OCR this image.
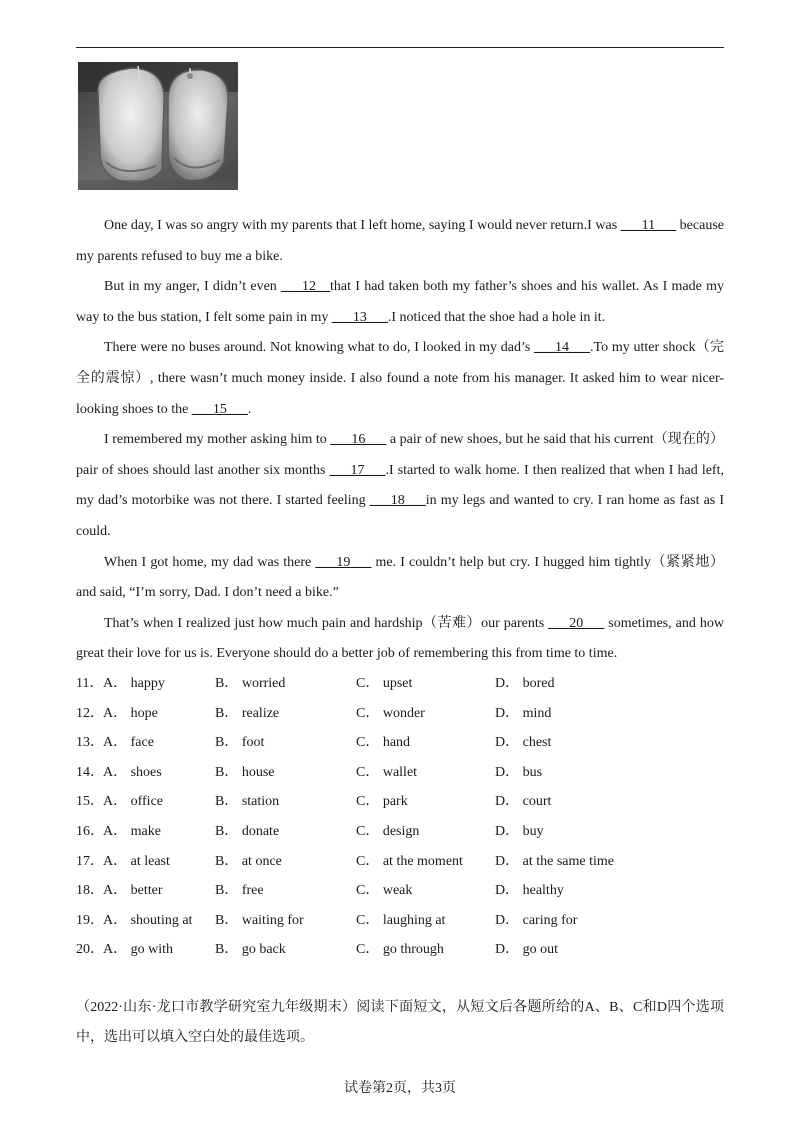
One day, I was so angry with my parents that I left home, saying I would never return.I was ___11___ because my parents refused to buy me a bike.

But in my anger, I didn’t even ___12__that I had taken both my father’s shoes and his wallet. As I made my way to the bus station, I felt some pain in my ___13___.I noticed that the shoe had a hole in it.

There were no buses around. Not knowing what to do, I looked in my dad’s ___14___.To my utter shock（完全的震惊）, there wasn’t much money inside. I also found a note from his manager. It asked him to wear nicer-looking shoes to the ___15___.

I remembered my mother asking him to ___16___ a pair of new shoes, but he said that his current（现在的）pair of shoes should last another six months ___17___.I started to walk home. I then realized that when I had left, my dad’s motorbike was not there. I started feeling ___18___in my legs and wanted to cry. I ran home as fast as I could.

When I got home, my dad was there ___19___ me. I couldn’t help but cry. I hugged him tightly（紧紧地）and said, “I’m sorry, Dad. I don’t need a bike.”

That’s when I realized just how much pain and hardship（苦难）our parents ___20___ sometimes, and how great their love for us is. Everyone should do a better job of remembering this from time to time.

11． A． happy	B． worried	C． upset	D． bored
12． A． hope	B． realize	C． wonder	D． mind
13． A． face	B． foot	C． hand	D． chest
14． A． shoes	B． house	C． wallet	D． bus
15． A． office	B． station	C． park	D． court
16． A． make	B． donate	C． design	D． buy
17． A． at least	B． at once	C． at the moment D． at the same time
18． A． better	B． free	C． weak	D． healthy
19． A． shouting at B． waiting for	C． laughing at	D． caring for
20． A． go with	B． go back	C． go through	D． go out
（2022·山东·龙口市教学研究室九年级期末）阅读下面短文，从短文后各题所给的A、B、C和D四个选项中，选出可以填入空白处的最佳选项。
试卷第2页，共3页
